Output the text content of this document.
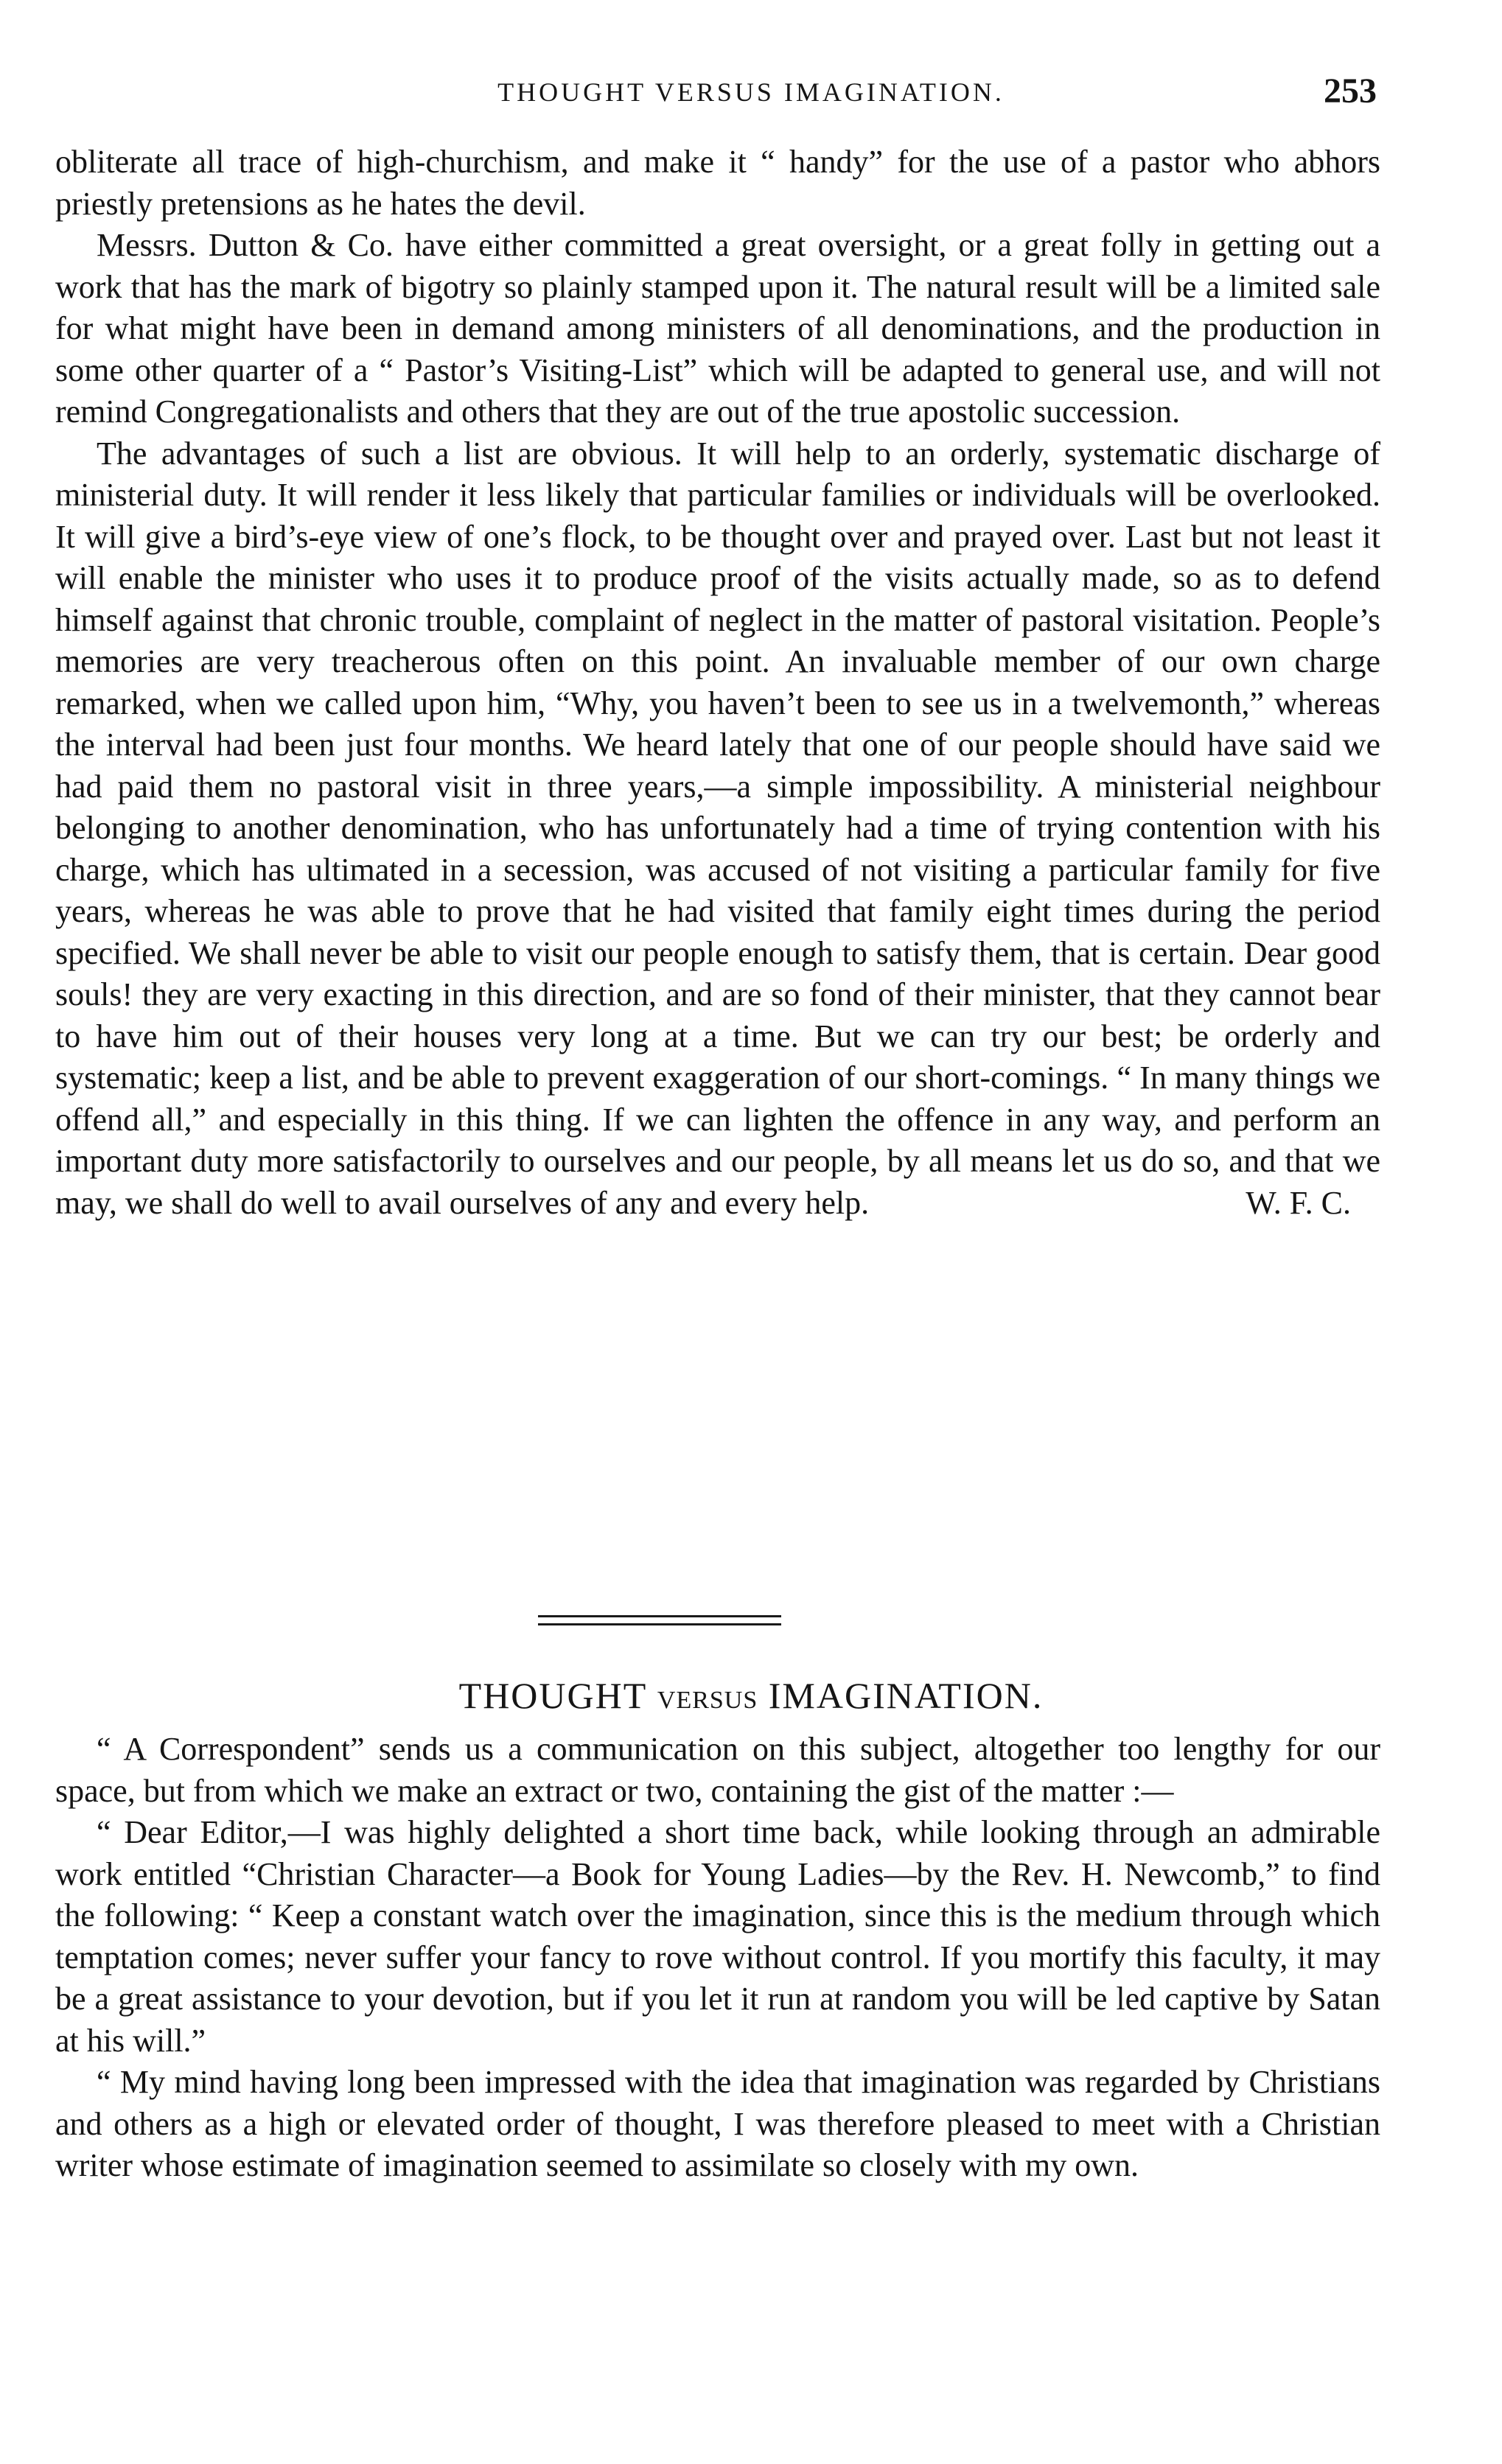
THOUGHT VERSUS IMAGINATION.	253

obliterate all trace of high-churchism, and make it “ handy” for the use of a pastor who abhors priestly pretensions as he hates the devil.

Messrs. Dutton & Co. have either committed a great oversight, or a great folly in getting out a work that has the mark of bigotry so plainly stamped upon it. The natural result will be a limited sale for what might have been in demand among ministers of all denominations, and the production in some other quarter of a “ Pastor’s Visiting-List” which will be adapted to general use, and will not remind Congregationalists and others that they are out of the true apostolic succession.

The advantages of such a list are obvious. It will help to an orderly, systematic discharge of ministerial duty. It will render it less likely that particular families or individuals will be overlooked. It will give a bird’s-eye view of one’s flock, to be thought over and prayed over. Last but not least it will enable the minister who uses it to produce proof of the visits actually made, so as to defend himself against that chronic trouble, complaint of neglect in the matter of pastoral visitation. People’s memories are very treacherous often on this point. An invaluable member of our own charge remarked, when we called upon him, “Why, you haven’t been to see us in a twelvemonth,” whereas the interval had been just four months. We heard lately that one of our people should have said we had paid them no pastoral visit in three years,—a simple impossibility. A ministerial neighbour belonging to another denomination, who has unfortunately had a time of trying contention with his charge, which has ultimated in a secession, was accused of not visiting a particular family for five years, whereas he was able to prove that he had visited that family eight times during the period specified. We shall never be able to visit our people enough to satisfy them, that is certain. Dear good souls! they are very exacting in this direction, and are so fond of their minister, that they cannot bear to have him out of their houses very long at a time. But we can try our best; be orderly and systematic; keep a list, and be able to prevent exaggeration of our short-comings. “ In many things we offend all,” and especially in this thing. If we can lighten the offence in any way, and perform an important duty more satisfactorily to ourselves and our people, by all means let us do so, and that we may, we shall do well to avail ourselves of any and every help.	W. F. C.
THOUGHT VERSUS IMAGINATION.

“ A Correspondent” sends us a communication on this subject, altogether too lengthy for our space, but from which we make an extract or two, containing the gist of the matter :—

“ Dear Editor,—I was highly delighted a short time back, while looking through an admirable work entitled “Christian Character—a Book for Young Ladies—by the Rev. H. Newcomb,” to find the following: “ Keep a constant watch over the imagination, since this is the medium through which temptation comes; never suffer your fancy to rove without control. If you mortify this faculty, it may be a great assistance to your devotion, but if you let it run at random you will be led captive by Satan at his will.”

“ My mind having long been impressed with the idea that imagination was regarded by Christians and others as a high or elevated order of thought, I was therefore pleased to meet with a Christian writer whose estimate of imagination seemed to assimilate so closely with my own.
